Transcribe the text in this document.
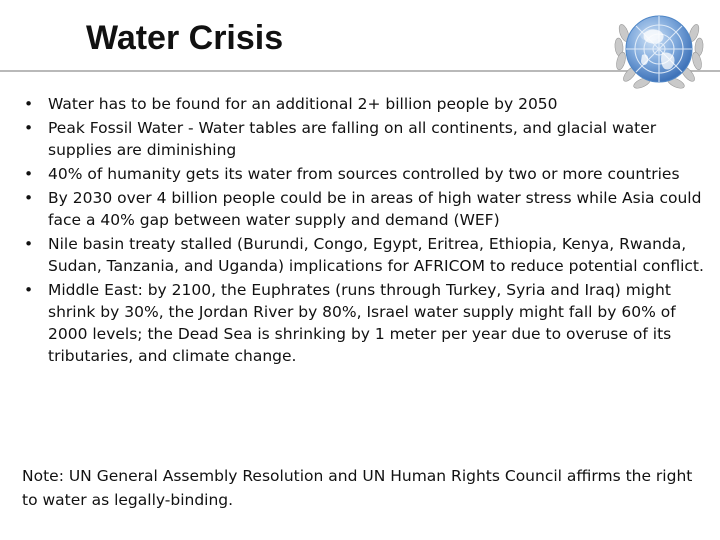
Water Crisis
• Water has to be found for an additional 2+ billion people by 2050
• Peak Fossil Water - Water tables are falling on all continents, and glacial water supplies are diminishing
• 40% of humanity gets its water from sources controlled by two or more countries
• By 2030 over 4 billion people could be in areas of high water stress while Asia could face a 40% gap between water supply and demand (WEF)
• Nile basin treaty stalled (Burundi, Congo, Egypt, Eritrea, Ethiopia, Kenya, Rwanda, Sudan, Tanzania, and Uganda) implications for AFRICOM to reduce potential conflict.
• Middle East: by 2100, the Euphrates (runs through Turkey, Syria and Iraq) might shrink by 30%, the Jordan River by 80%, Israel water supply might fall by 60% of 2000 levels; the Dead Sea is shrinking by 1 meter per year due to overuse of its tributaries, and climate change.

Note: UN General Assembly Resolution and UN Human Rights Council affirms the right to water as legally-binding.
